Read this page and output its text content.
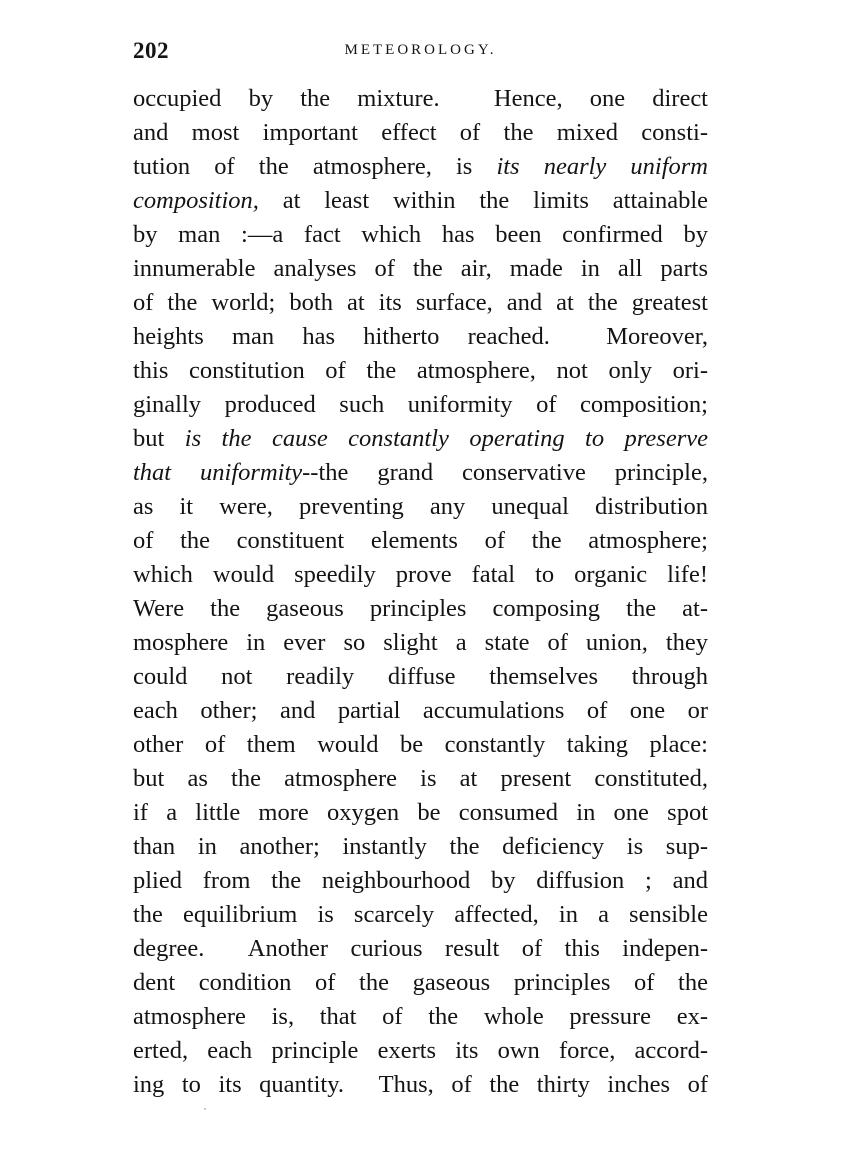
202	METEOROLOGY.
occupied by the mixture.  Hence, one direct
and most important effect of the mixed consti-
tution of the atmosphere, is its nearly uniform
composition, at least within the limits attainable
by man :—a fact which has been confirmed by
innumerable analyses of the air, made in all parts
of the world; both at its surface, and at the greatest
heights man has hitherto reached.  Moreover,
this constitution of the atmosphere, not only ori-
ginally produced such uniformity of composition;
but is the cause constantly operating to preserve
that uniformity--the grand conservative principle,
as it were, preventing any unequal distribution
of the constituent elements of the atmosphere;
which would speedily prove fatal to organic life!
Were the gaseous principles composing the at-
mosphere in ever so slight a state of union, they
could not readily diffuse themselves through
each other; and partial accumulations of one or
other of them would be constantly taking place:
but as the atmosphere is at present constituted,
if a little more oxygen be consumed in one spot
than in another; instantly the deficiency is sup-
plied from the neighbourhood by diffusion ; and
the equilibrium is scarcely affected, in a sensible
degree.  Another curious result of this indepen-
dent condition of the gaseous principles of the
atmosphere is, that of the whole pressure ex-
erted, each principle exerts its own force, accord-
ing to its quantity.  Thus, of the thirty inches of
